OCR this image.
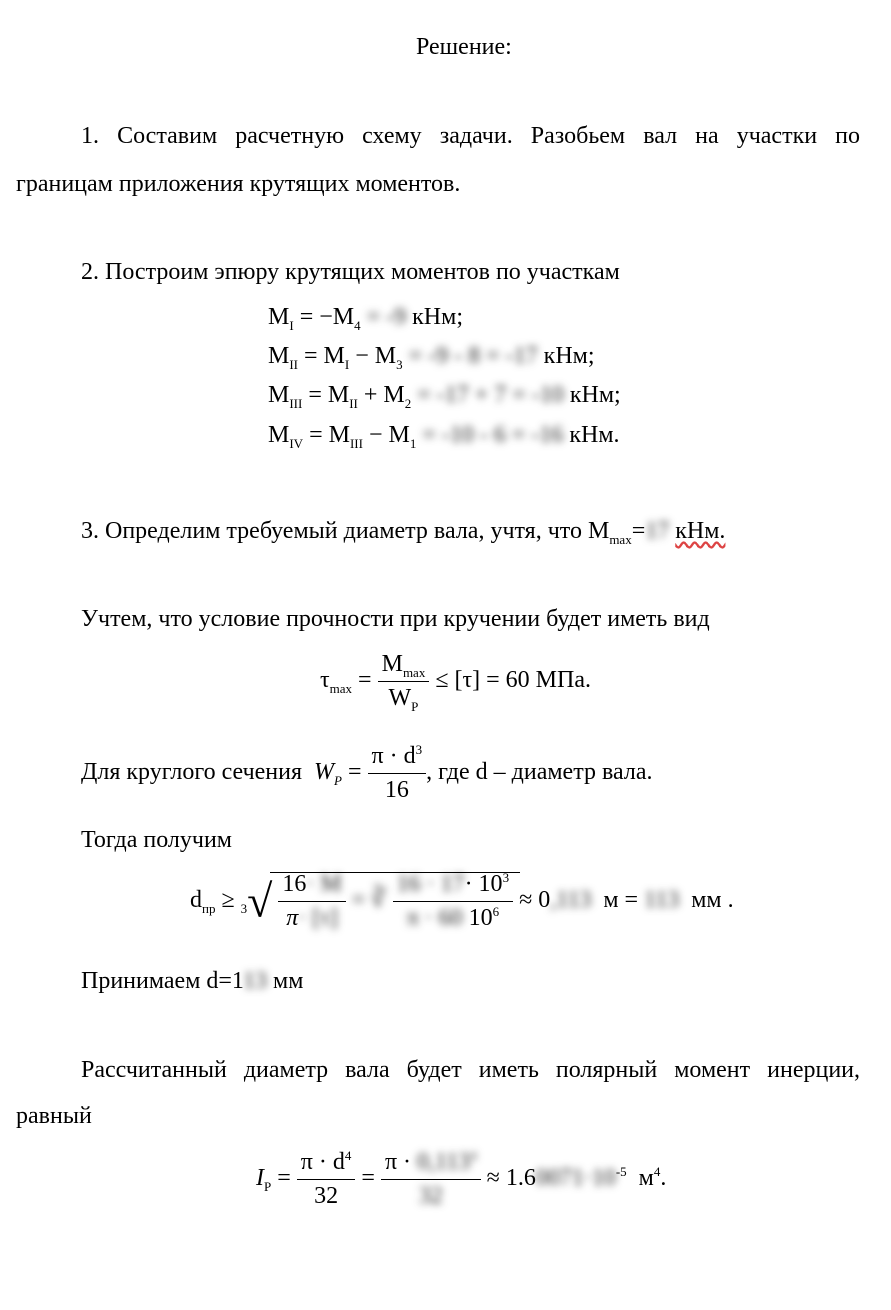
Решение:
1. Составим расчетную схему задачи. Разобьем вал на участки по
границам приложения крутящих моментов.
2. Построим эпюру крутящих моментов по участкам
$M_I = -M_4 = -9$ кНм;
$M_{II} = M_I - M_3 = -9 - 8 = -17$ кНм;
$M_{III} = M_{II} + M_2 = -17 + 7 = -10$ кНм;
$M_{IV} = M_{III} - M_1 = -10 - 6 = -16$ кНм.
3. Определим требуемый диаметр вала, учтя, что $M_{max}=17$ кНм.
Учтем, что условие прочности при кручении будет иметь вид
$\tau_{max} = \frac{M_{max}}{W_P} \le [\tau] = 60$ МПа.
Для круглого сечения $W_P = \frac{\pi \cdot d^3}{16}$ , где d – диаметр вала.
Тогда получим
$d_{пр} \ge _3√ \frac{16\cdot M}{\pi\cdot [\tau]}$ = ∛ $\frac{16 \cdot 17\cdot 10^3}{\pi \cdot 60 10^6} \approx 0,113$ м = 113 мм .
Принимаем d=113 мм
Рассчитанный диаметр вала будет иметь полярный момент инерции,
равный
$I_P = \frac{\pi \cdot d^4}{32} = \frac{\pi \cdot 0,113^4}{32} \approx 1.60071\cdot 10^{-5}$ $м^4$.
